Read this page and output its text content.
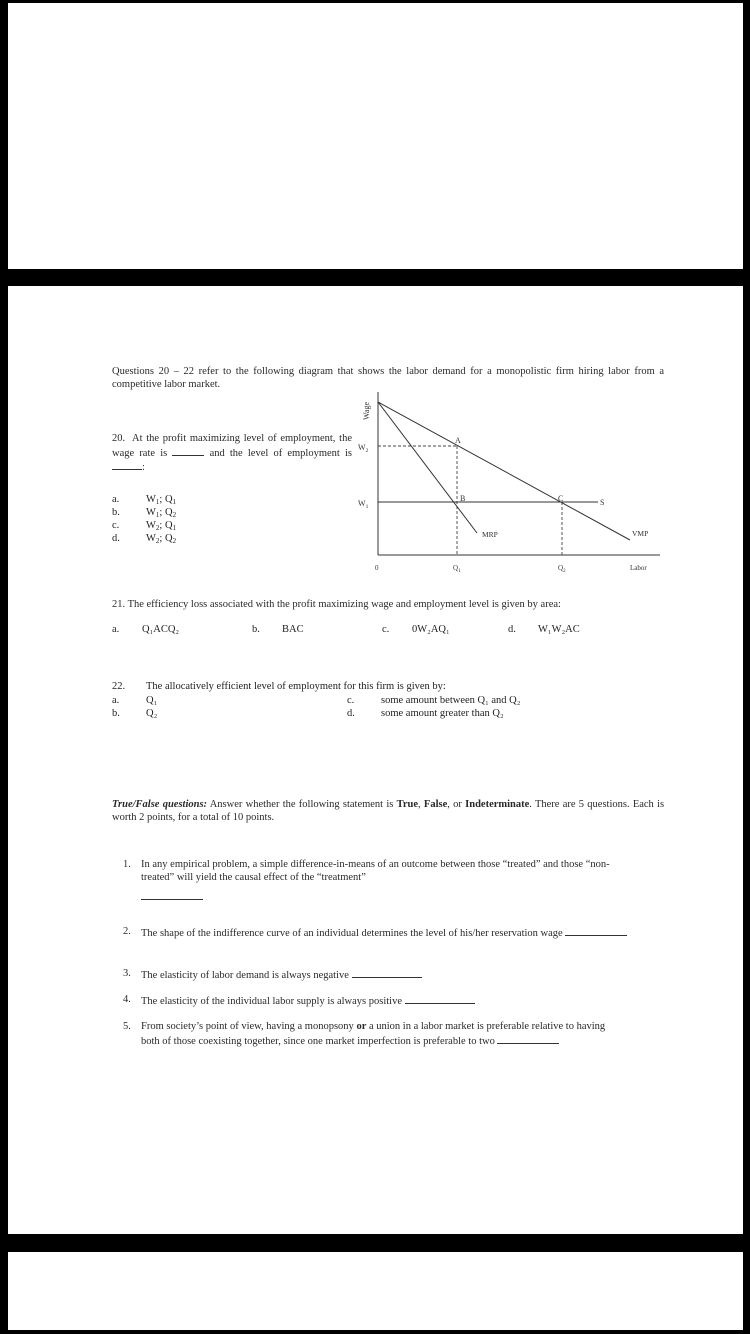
Questions 20 – 22 refer to the following diagram that shows the labor demand for a monopolistic firm hiring labor from a competitive labor market.
20. At the profit maximizing level of employment, the wage rate is	and the level of employment is :
a.	$W_1$; $Q_1$
b. $W_1$; $Q_2$
c.	$W_2$; $Q_1$
d. $W_2$; $Q_2$
Wage
$W_2$
$W_1$
A
B	C	S
MRP	VMP
0	$Q_1$	$Q_2$	Labor
21. The efficiency loss associated with the profit maximizing wage and employment level is given by area:
a. Q₁ACQ₂	b. BAC	c. 0W₂AQ₁	d. W₁W₂AC
22. The allocatively efficient level of employment for this firm is given by:
a.	Q₁
b. Q₂
c.	some amount between Q₁ and Q₂
d. some amount greater than Q₂
True/False questions: Answer whether the following statement is True, False, or Indeterminate. There are 5 questions. Each is worth 2 points, for a total of 10 points.
1. In any empirical problem, a simple difference-in-means of an outcome between those “treated” and those “non-treated” will yield the causal effect of the “treatment”
2. The shape of the indifference curve of an individual determines the level of his/her reservation wage
3. The elasticity of labor demand is always negative
4. The elasticity of the individual labor supply is always positive
5. From society’s point of view, having a monopsony or a union in a labor market is preferable relative to having both of those coexisting together, since one market imperfection is preferable to two
